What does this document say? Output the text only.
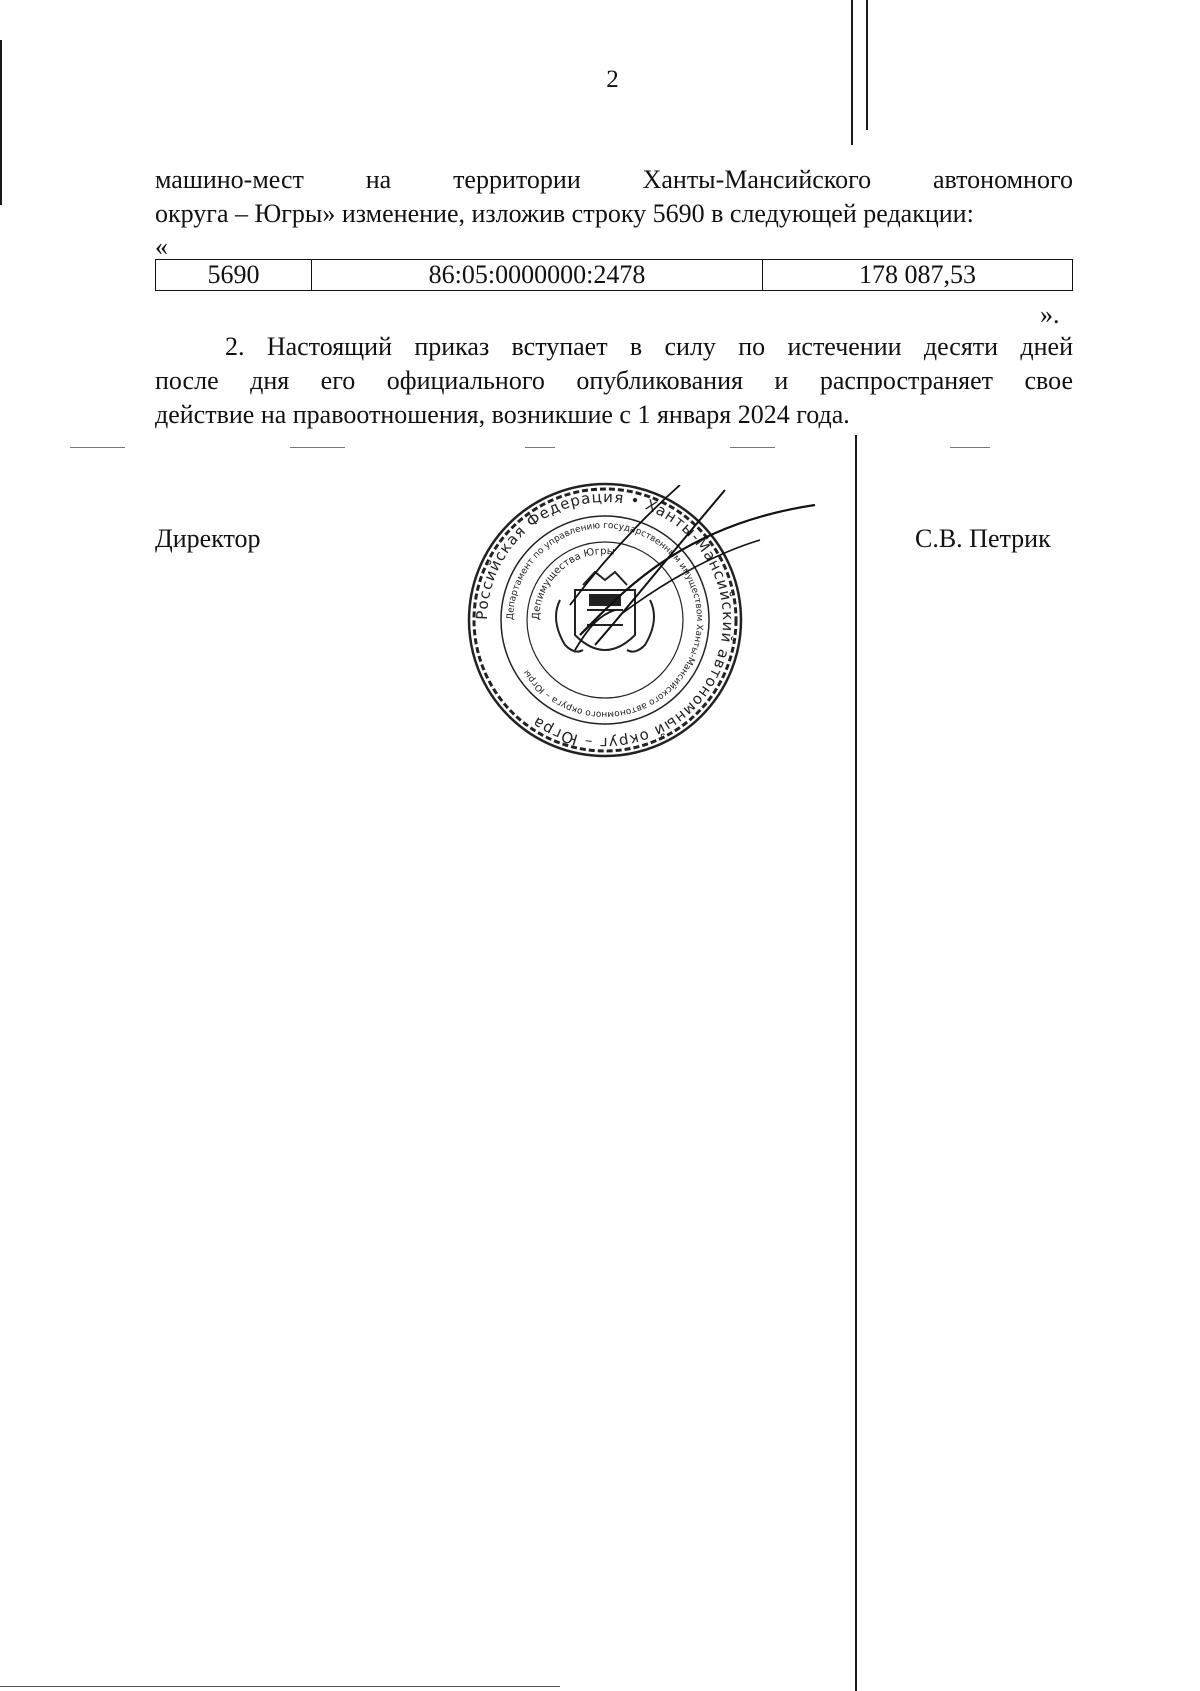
2
машино-мест на территории Ханты-Мансийского автономного
округа – Югры» изменение, изложив строку 5690 в следующей редакции:
«
5690	86:05:0000000:2478	178 087,53
».
2. Настоящий приказ вступает в силу по истечении десяти дней
после дня его официального опубликования и распространяет свое
действие на правоотношения, возникшие с 1 января 2024 года.
Директор	С.В. Петрик
Российская Федерация • Ханты-Мансийский автономный округ – Югра
Департамент по управлению государственным имуществом Ханты-Мансийского автономного округа – Югры
Депимущества Югры
